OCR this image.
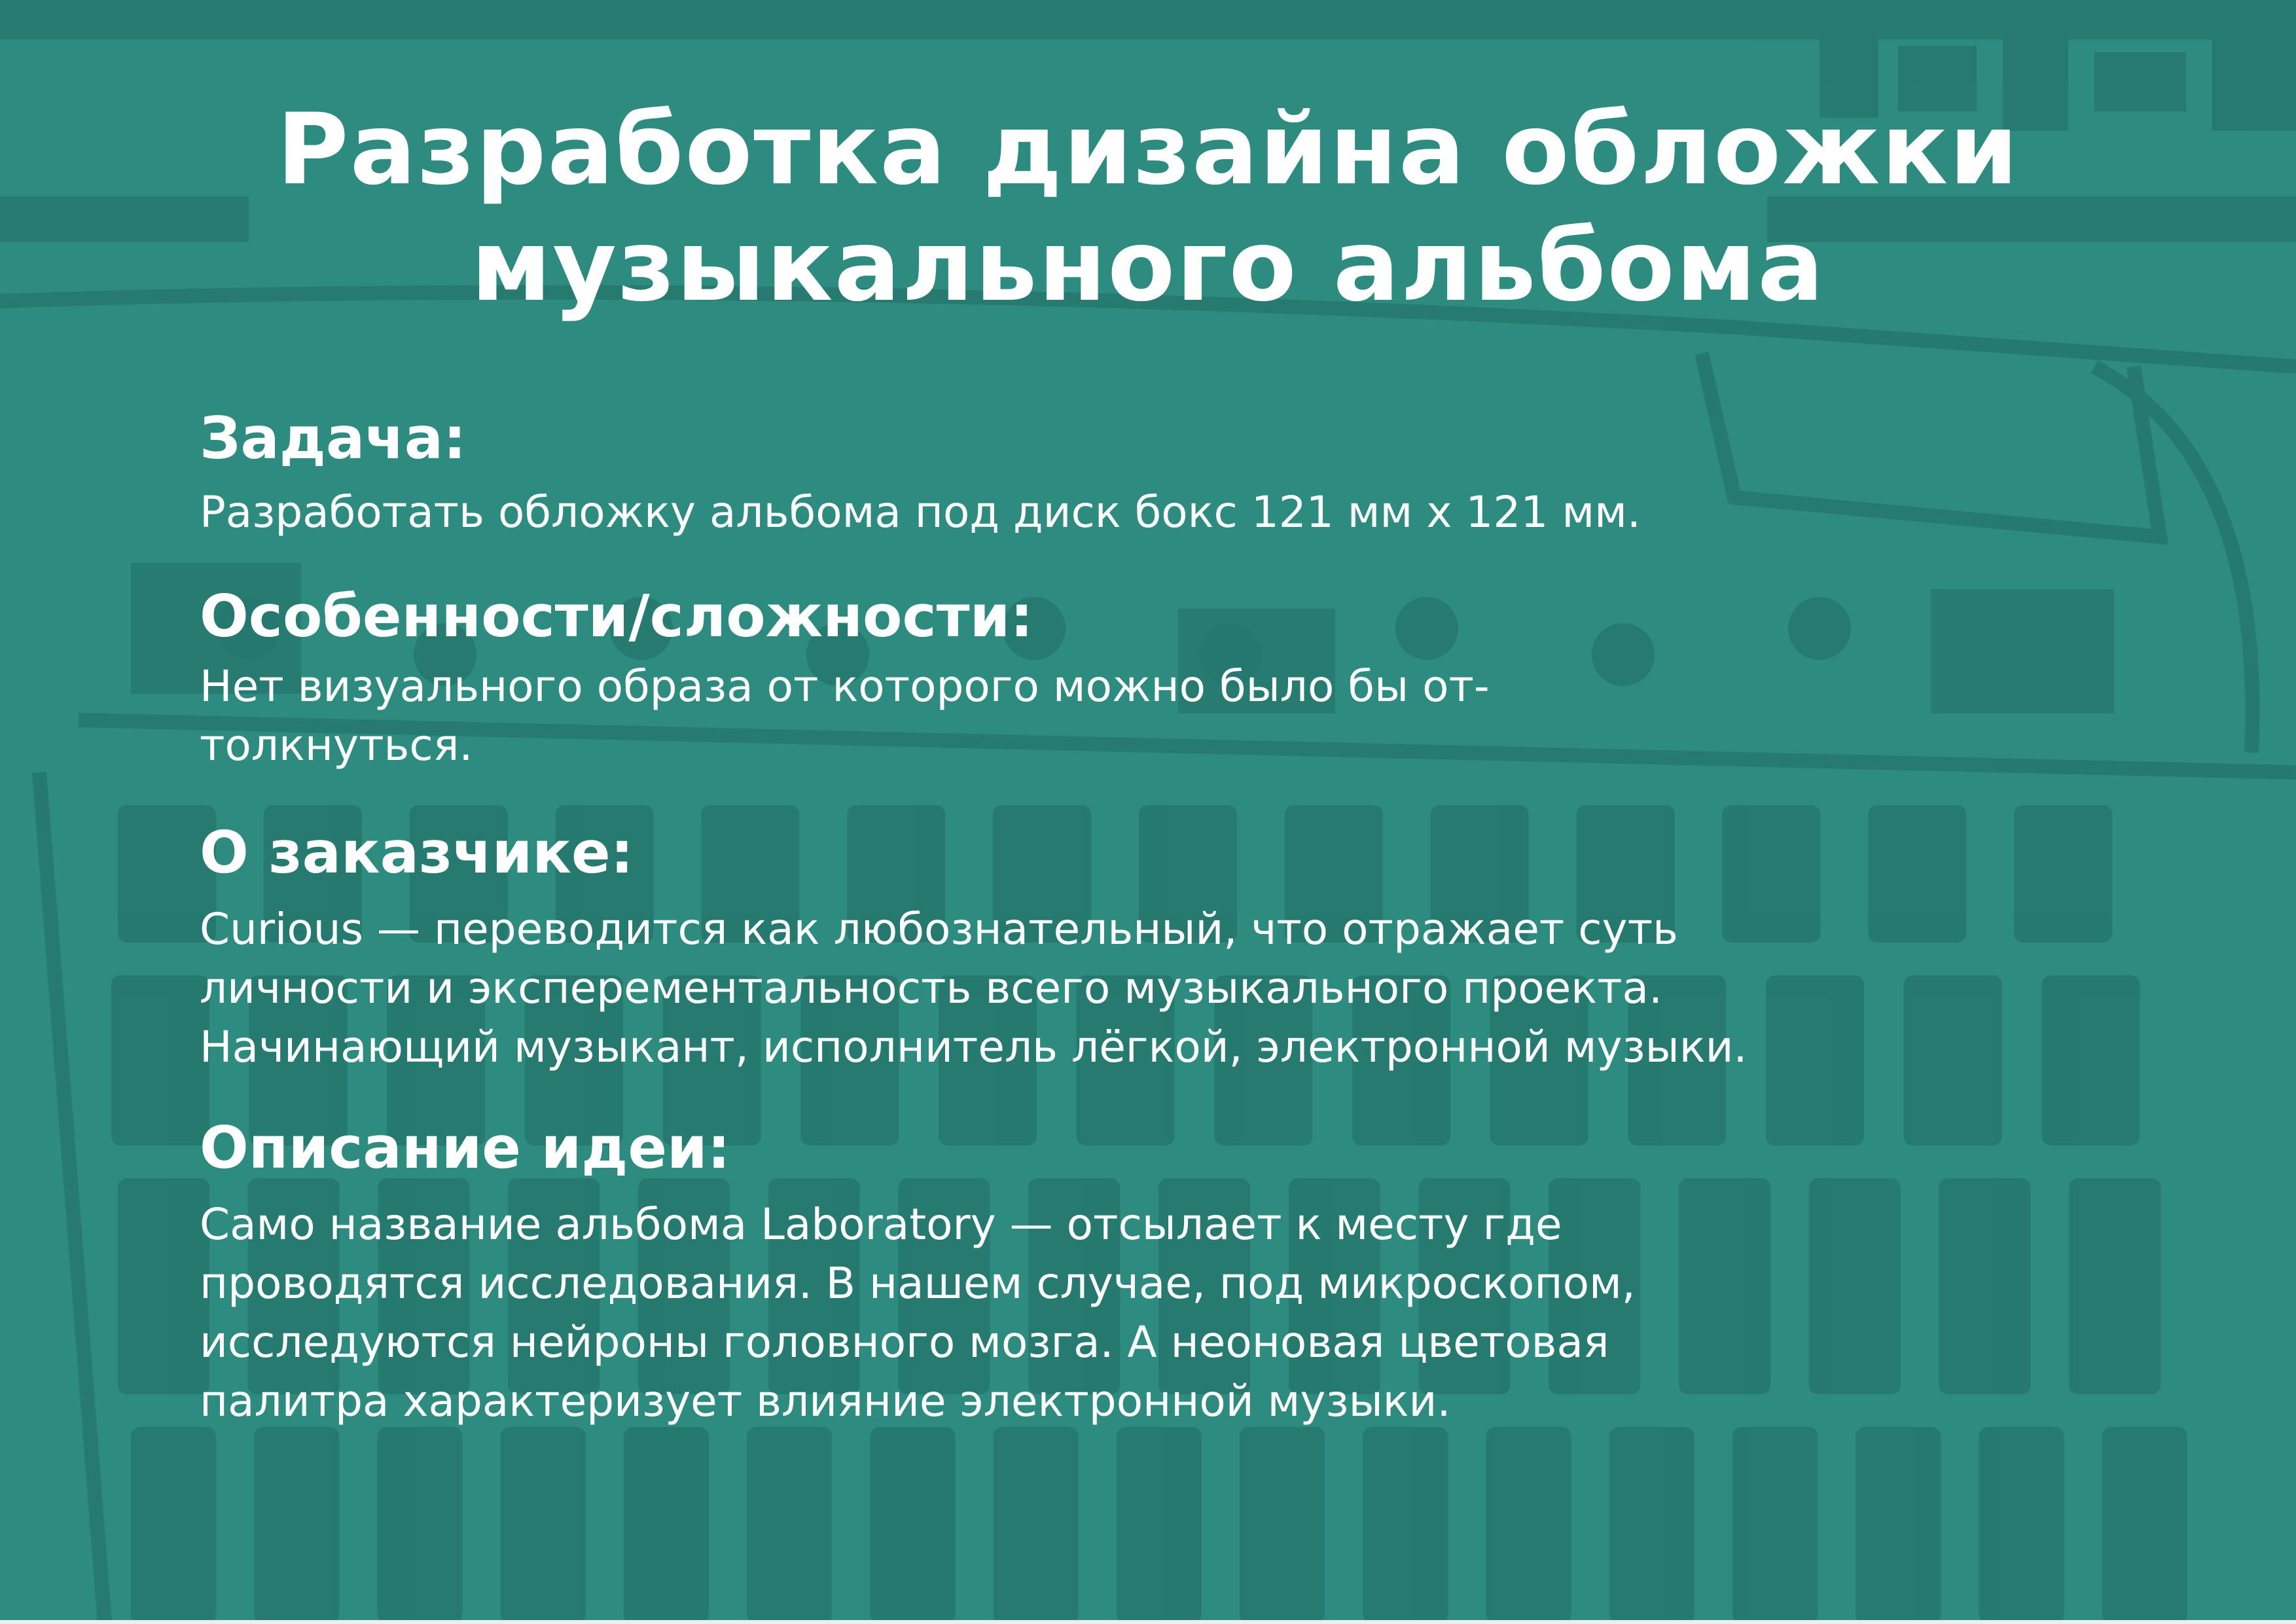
Разработка дизайна обложки
музыкального альбома
Задача:

Разработать обложку альбома под диск бокс 121 мм х 121 мм.

Особенности/сложности:

Нет визуального образа от которого можно было бы от-
толкнуться.

О заказчике:

Curious — переводится как любознательный, что отражает суть
личности и эксперементальность всего музыкального проекта.
Начинающий музыкант, исполнитель лёгкой, электронной музыки.

Описание идеи:

Само название альбома Laboratory — отсылает к месту где
проводятся исследования. В нашем случае, под микроскопом,
исследуются нейроны головного мозга. А неоновая цветовая
палитра характеризует влияние электронной музыки.
